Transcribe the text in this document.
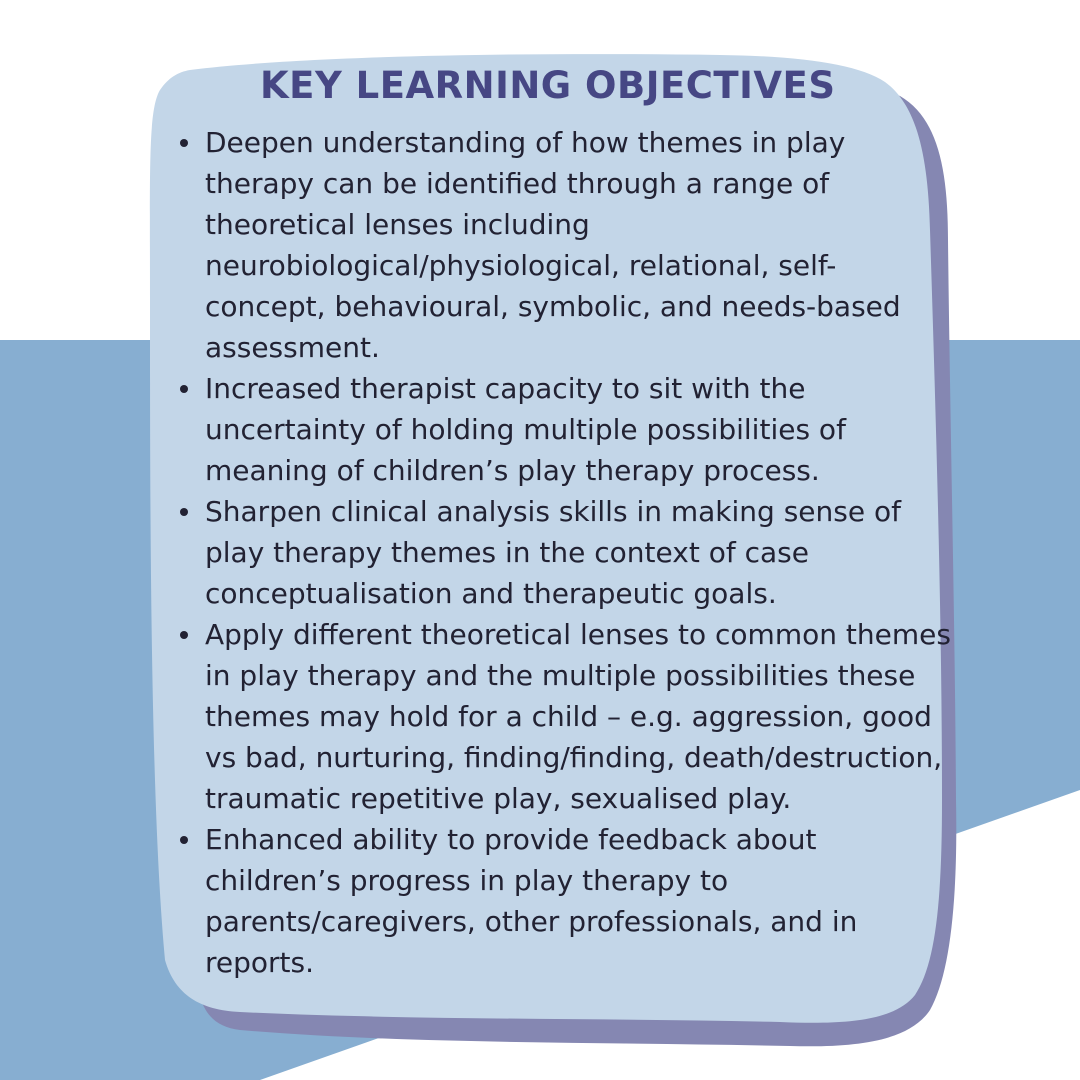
KEY LEARNING OBJECTIVES
Deepen understanding of how themes in play
therapy can be identified through a range of
theoretical lenses including
neurobiological/physiological, relational, self-
concept, behavioural, symbolic, and needs-based
assessment.
Increased therapist capacity to sit with the
uncertainty of holding multiple possibilities of
meaning of children’s play therapy process.
Sharpen clinical analysis skills in making sense of
play therapy themes in the context of case
conceptualisation and therapeutic goals.
Apply different theoretical lenses to common themes
in play therapy and the multiple possibilities these
themes may hold for a child – e.g. aggression, good
vs bad, nurturing, finding/finding, death/destruction,
traumatic repetitive play, sexualised play.
Enhanced ability to provide feedback about
children’s progress in play therapy to
parents/caregivers, other professionals, and in
reports.
